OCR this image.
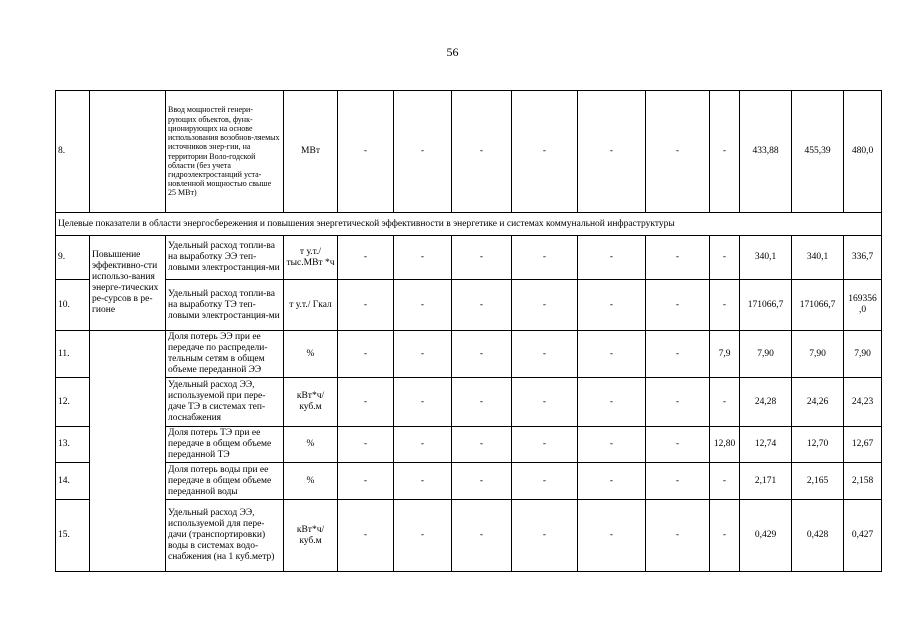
56
8.		Ввод мощностей генери-рующих объектов, функ-ционирующих на основе использования возобнов-ляемых источников энер-гии, на территории Воло-годской области (без учета гидроэлектростанций уста-новленной мощностью свыше 25 МВт)	МВт	-	-	-	-	-	-	-	433,88	455,39	480,0
Целевые показатели в области энергосбережения и повышения энергетической эффективности в энергетике и системах коммунальной инфраструктуры													
9.	Повышение эффективно-сти использо-вания энерге-тических ре-сурсов в ре-гионе	Удельный расход топли-ва на выработку ЭЭ теп-ловыми электростанция-ми	т у.т./ тыс.МВт *ч	-	-	-	-	-	-	-	340,1	340,1	336,7
10.		Удельный расход топли-ва на выработку ТЭ теп-ловыми электростанция-ми	т у.т./ Гкал	-	-	-	-	-	-	-	171066,7	171066,7	169356 ,0
11.		Доля потерь ЭЭ при ее передаче по распредели-тельным сетям в общем объеме переданной ЭЭ	%	-	-	-	-	-	-	7,9	7,90	7,90	7,90
12.		Удельный расход ЭЭ, используемой при пере-даче ТЭ в системах теп-лоснабжения	кВт*ч/ куб.м	-	-	-	-	-	-	-	24,28	24,26	24,23
13.		Доля потерь ТЭ при ее передаче в общем объеме переданной ТЭ	%	-	-	-	-	-	-	12,80	12,74	12,70	12,67
14.		Доля потерь воды при ее передаче в общем объеме переданной воды	%	-	-	-	-	-	-	-	2,171	2,165	2,158
15.		Удельный расход ЭЭ, используемой для пере-дачи (транспортировки) воды в системах водо-снабжения (на 1 куб.метр)	кВт*ч/ куб.м	-	-	-	-	-	-	-	0,429	0,428	0,427
